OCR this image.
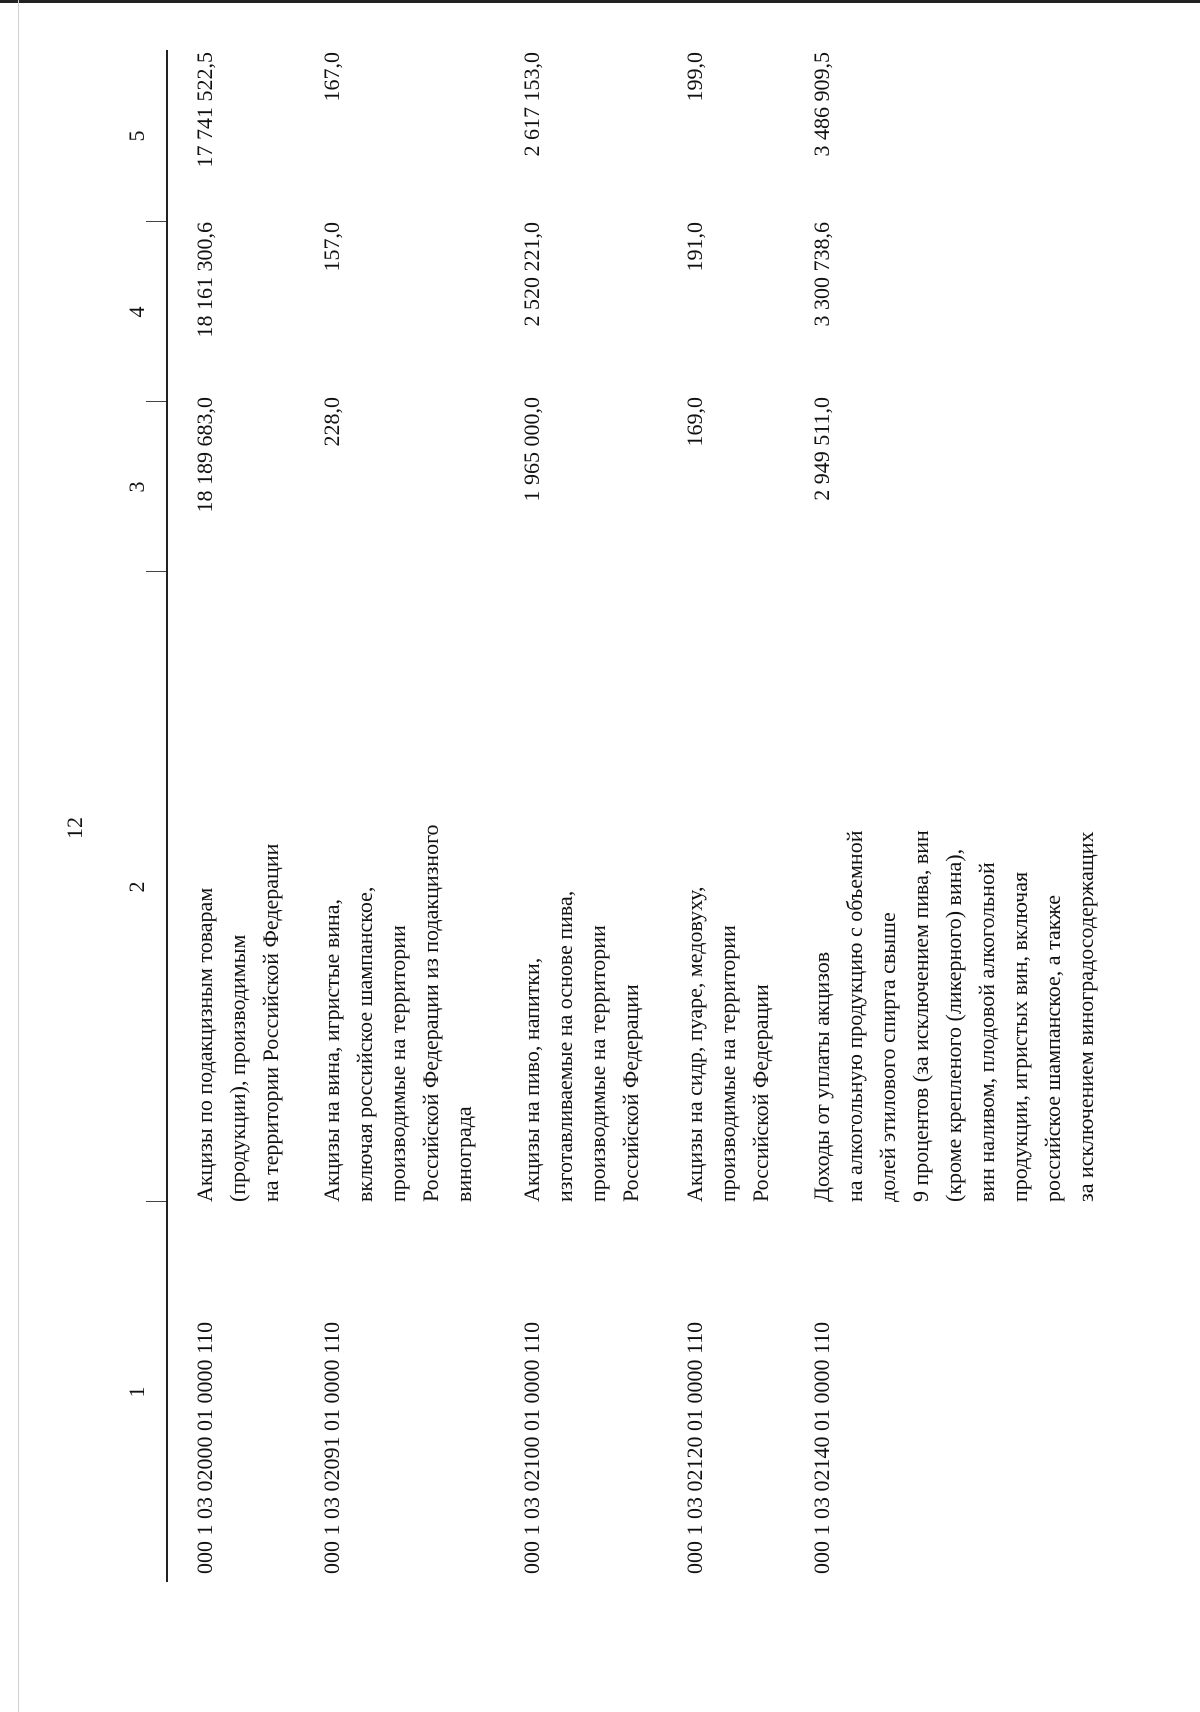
12
1
2
3
4
5
000 1 03 02000 01 0000 110
Акцизы по подакцизным товарам (продукции), производимым на территории Российской Федерации
18 189 683,0
18 161 300,6
17 741 522,5
000 1 03 02091 01 0000 110
Акцизы на вина, игристые вина, включая российское шампанское, производимые на территории Российской Федерации из подакцизного винограда
228,0
157,0
167,0
000 1 03 02100 01 0000 110
Акцизы на пиво, напитки, изготавливаемые на основе пива, производимые на территории Российской Федерации
1 965 000,0
2 520 221,0
2 617 153,0
000 1 03 02120 01 0000 110
Акцизы на сидр, пуаре, медовуху, производимые на территории Российской Федерации
169,0
191,0
199,0
000 1 03 02140 01 0000 110
Доходы от уплаты акцизов на алкогольную продукцию с объемной долей этилового спирта свыше 9 процентов (за исключением пива, вин (кроме крепленого (ликерного) вина), вин наливом, плодовой алкогольной продукции, игристых вин, включая российское шампанское, а также за исключением виноградосодержащих
2 949 511,0
3 300 738,6
3 486 909,5
